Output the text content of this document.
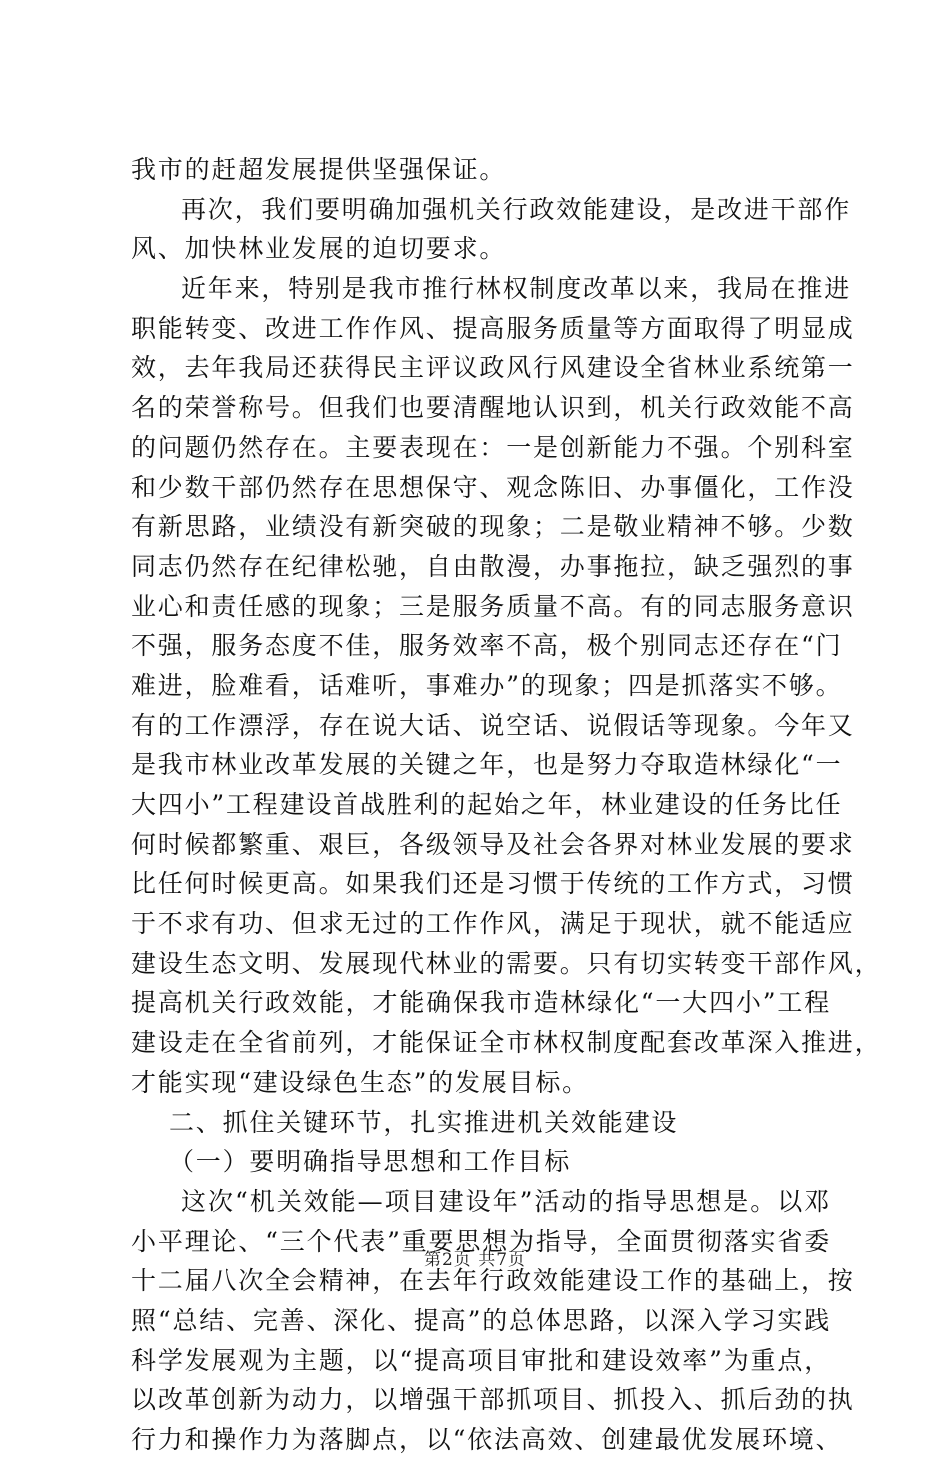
我市的赶超发展提供坚强保证。
再次，我们要明确加强机关行政效能建设，是改进干部作
风、加快林业发展的迫切要求。
近年来，特别是我市推行林权制度改革以来，我局在推进
职能转变、改进工作作风、提高服务质量等方面取得了明显成
效，去年我局还获得民主评议政风行风建设全省林业系统第一
名的荣誉称号。但我们也要清醒地认识到，机关行政效能不高
的问题仍然存在。主要表现在：一是创新能力不强。个别科室
和少数干部仍然存在思想保守、观念陈旧、办事僵化，工作没
有新思路，业绩没有新突破的现象；二是敬业精神不够。少数
同志仍然存在纪律松驰，自由散漫，办事拖拉，缺乏强烈的事
业心和责任感的现象；三是服务质量不高。有的同志服务意识
不强，服务态度不佳，服务效率不高，极个别同志还存在“门
难进，脸难看，话难听，事难办”的现象；四是抓落实不够。
有的工作漂浮，存在说大话、说空话、说假话等现象。今年又
是我市林业改革发展的关键之年，也是努力夺取造林绿化“一
大四小”工程建设首战胜利的起始之年，林业建设的任务比任
何时候都繁重、艰巨，各级领导及社会各界对林业发展的要求
比任何时候更高。如果我们还是习惯于传统的工作方式，习惯
于不求有功、但求无过的工作作风，满足于现状，就不能适应
建设生态文明、发展现代林业的需要。只有切实转变干部作风，
提高机关行政效能，才能确保我市造林绿化“一大四小”工程
建设走在全省前列，才能保证全市林权制度配套改革深入推进，
才能实现“建设绿色生态”的发展目标。
二、抓住关键环节，扎实推进机关效能建设
（一）要明确指导思想和工作目标
这次“机关效能—项目建设年”活动的指导思想是。以邓
小平理论、“三个代表”重要思想为指导，全面贯彻落实省委
十二届八次全会精神，在去年行政效能建设工作的基础上，按
照“总结、完善、深化、提高”的总体思路，以深入学习实践
科学发展观为主题，以“提高项目审批和建设效率”为重点，
以改革创新为动力，以增强干部抓项目、抓投入、抓后劲的执
行力和操作力为落脚点，以“依法高效、创建最优发展环境、
第2页 共7页
